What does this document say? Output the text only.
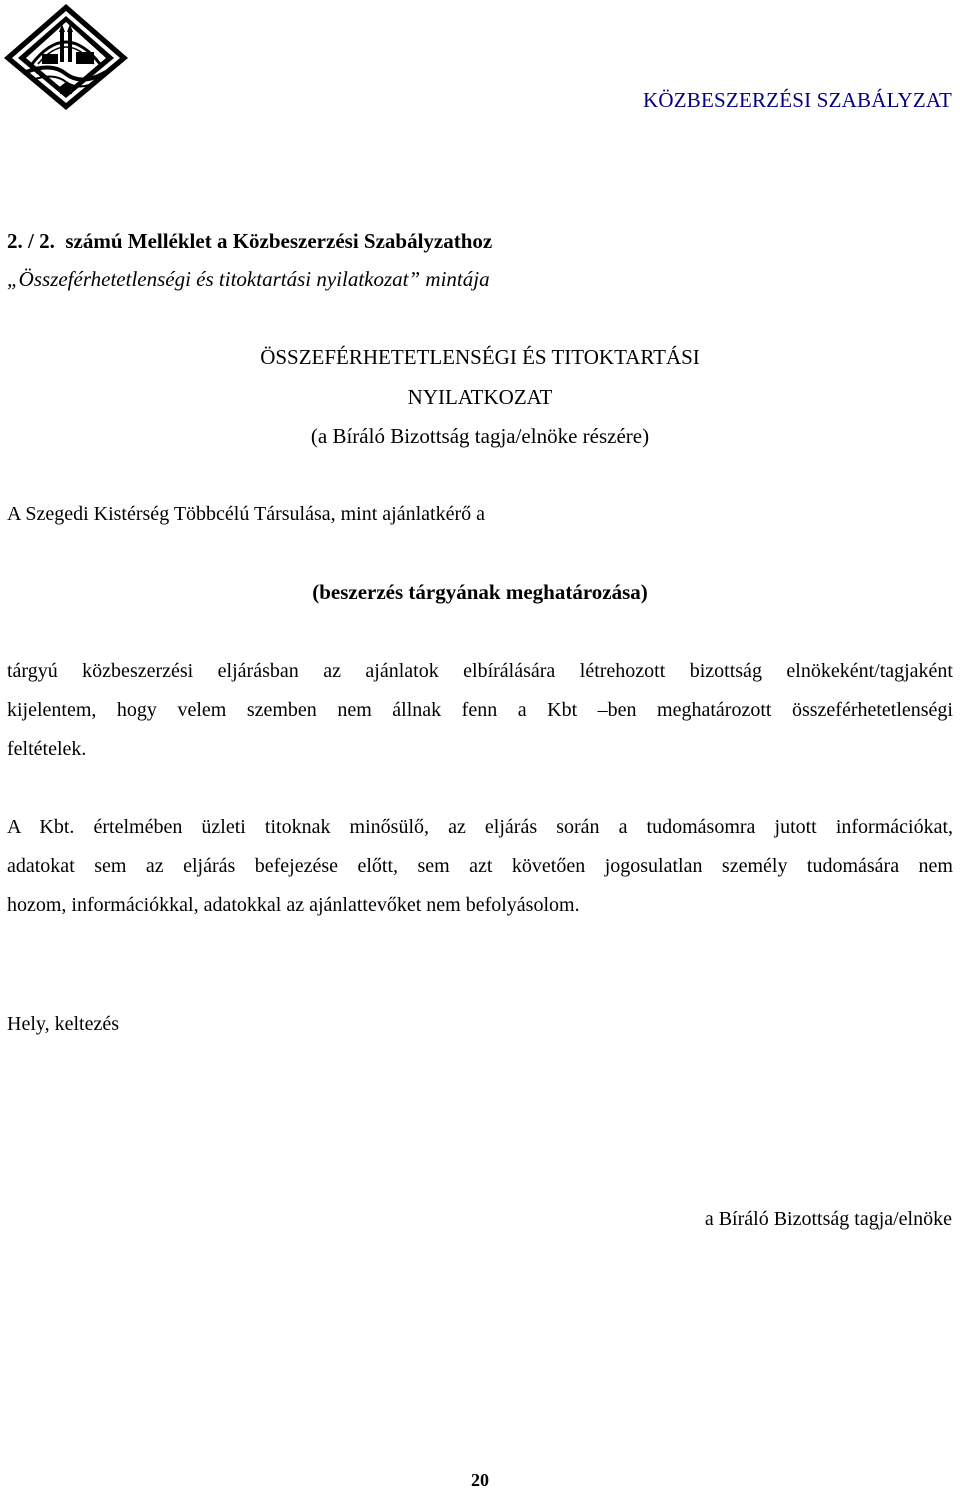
KÖZBESZERZÉSI SZABÁLYZAT
2. / 2.  számú Melléklet a Közbeszerzési Szabályzathoz
„Összeférhetetlenségi és titoktartási nyilatkozat” mintája
ÖSSZEFÉRHETETLENSÉGI ÉS TITOKTARTÁSI
NYILATKOZAT
(a Bíráló Bizottság tagja/elnöke részére)
A Szegedi Kistérség Többcélú Társulása, mint ajánlatkérő a
(beszerzés tárgyának meghatározása)
tárgyú közbeszerzési eljárásban az ajánlatok elbírálására létrehozott bizottság elnökeként/tagjaként
kijelentem, hogy velem szemben nem állnak fenn a Kbt –ben meghatározott összeférhetetlenségi
feltételek.
A Kbt. értelmében üzleti titoknak minősülő, az eljárás során a tudomásomra jutott információkat,
adatokat sem az eljárás befejezése előtt, sem azt követően jogosulatlan személy tudomására nem
hozom, információkkal, adatokkal az ajánlattevőket nem befolyásolom.
Hely, keltezés
a Bíráló Bizottság tagja/elnöke
20
